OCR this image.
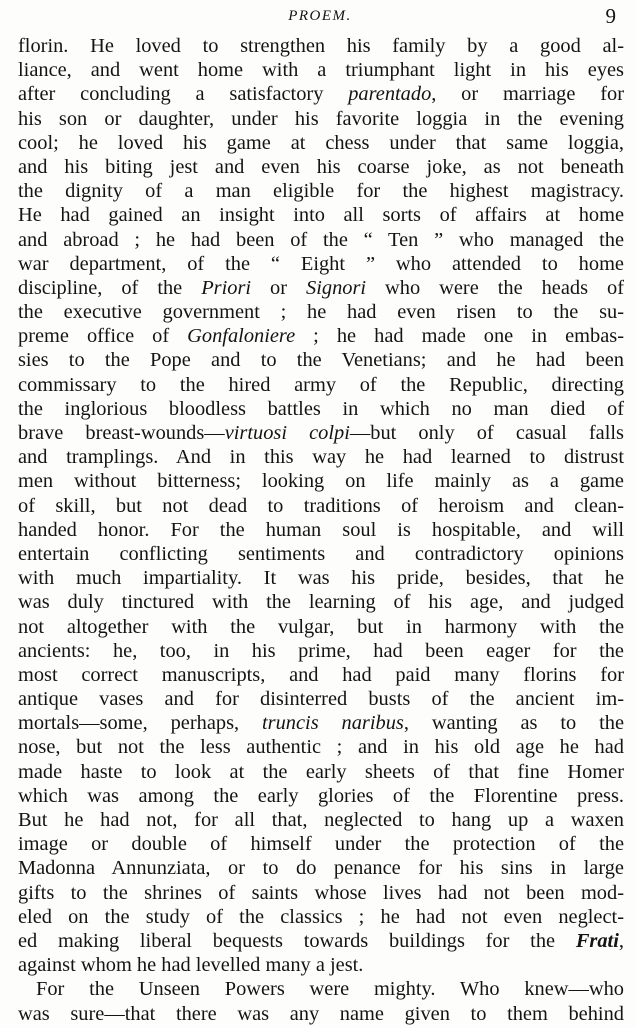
PROEM.	9
florin. He loved to strengthen his family by a good al-
liance, and went home with a triumphant light in his eyes
after concluding a satisfactory parentado, or marriage for
his son or daughter, under his favorite loggia in the evening
cool; he loved his game at chess under that same loggia,
and his biting jest and even his coarse joke, as not beneath
the dignity of a man eligible for the highest magistracy.
He had gained an insight into all sorts of affairs at home
and abroad ; he had been of the “ Ten ” who managed the
war department, of the “ Eight ” who attended to home
discipline, of the Priori or Signori who were the heads of
the executive government ; he had even risen to the su-
preme office of Gonfaloniere ; he had made one in embas-
sies to the Pope and to the Venetians; and he had been
commissary to the hired army of the Republic, directing
the inglorious bloodless battles in which no man died of
brave breast-wounds—virtuosi colpi—but only of casual falls
and tramplings. And in this way he had learned to distrust
men without bitterness; looking on life mainly as a game
of skill, but not dead to traditions of heroism and clean-
handed honor. For the human soul is hospitable, and will
entertain conflicting sentiments and contradictory opinions
with much impartiality. It was his pride, besides, that he
was duly tinctured with the learning of his age, and judged
not altogether with the vulgar, but in harmony with the
ancients: he, too, in his prime, had been eager for the
most correct manuscripts, and had paid many florins for
antique vases and for disinterred busts of the ancient im-
mortals—some, perhaps, truncis naribus, wanting as to the
nose, but not the less authentic ; and in his old age he had
made haste to look at the early sheets of that fine Homer
which was among the early glories of the Florentine press.
But he had not, for all that, neglected to hang up a waxen
image or double of himself under the protection of the
Madonna Annunziata, or to do penance for his sins in large
gifts to the shrines of saints whose lives had not been mod-
eled on the study of the classics ; he had not even neglect-
ed making liberal bequests towards buildings for the Frati,
against whom he had levelled many a jest.
For the Unseen Powers were mighty. Who knew—who
was sure—that there was any name given to them behind
